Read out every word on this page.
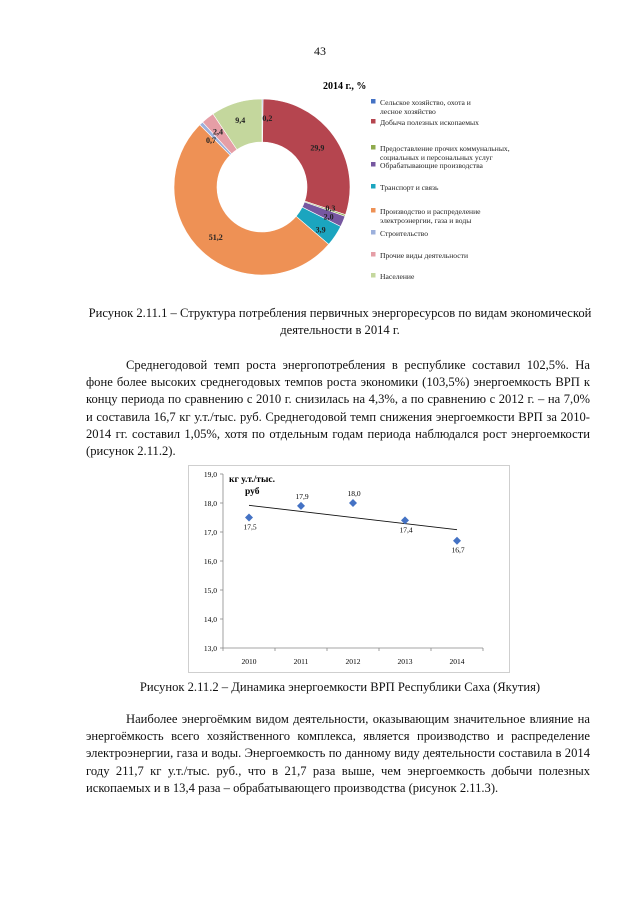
43
2014 г., %
0,2
29,9
0,3
2,0
3,9
51,2
0,7
2,4
9,4
Сельское хозяйство, охота и
лесное хозяйство
Добыча полезных ископаемых
Предоставление прочих коммунальных,
социальных и персональных услуг
Обрабатывающие производства
Транспорт и связь
Производство и распределение
электроэнергии, газа и воды
Строительство
Прочие виды деятельности
Население
Рисунок 2.11.1 – Структура потребления первичных энергоресурсов по видам экономической деятельности в 2014 г.
Среднегодовой темп роста энергопотребления в республике составил 102,5%. На фоне более высоких среднегодовых темпов роста экономики (103,5%) энергоемкость ВРП к концу периода по сравнению с 2010 г. снизилась на 4,3%, а по сравнению с 2012 г. – на 7,0% и составила 16,7 кг у.т./тыс. руб. Среднегодовой темп снижения энергоемкости ВРП за 2010-2014 гг. составил 1,05%, хотя по отдельным годам периода наблюдался рост энергоемкости (рисунок 2.11.2).
13,0
14,0
15,0
16,0
17,0
18,0
19,0
2010	2011	2012	2013	2014
кг у.т./тыс.
руб
17,5
17,9	18,0
17,4
16,7
Рисунок 2.11.2 – Динамика энергоемкости ВРП Республики Саха (Якутия)
Наиболее энергоёмким видом деятельности, оказывающим значительное влияние на энергоёмкость всего хозяйственного комплекса, является производство и распределение электроэнергии, газа и воды. Энергоемкость по данному виду деятельности составила в 2014 году 211,7 кг у.т./тыс. руб., что в 21,7 раза выше, чем энергоемкость добычи полезных ископаемых и в 13,4 раза – обрабатывающего производства (рисунок 2.11.3).
